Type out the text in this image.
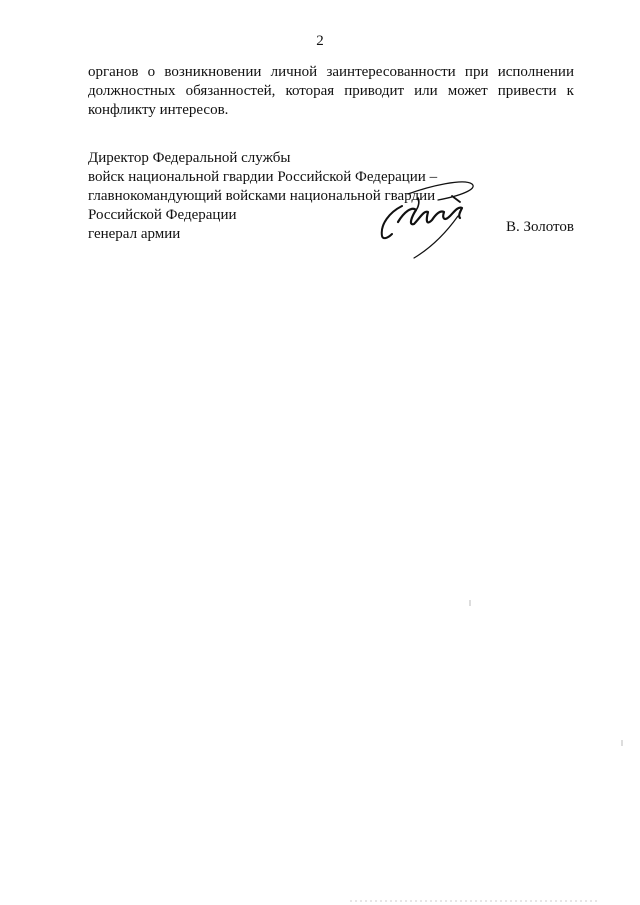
2
органов о возникновении личной заинтересованности при исполнении
должностных обязанностей, которая приводит или может привести к
конфликту интересов.
Директор Федеральной службы
войск национальной гвардии Российской Федерации –
главнокомандующий войсками национальной гвардии
Российской Федерации
генерал армии	В. Золотов
